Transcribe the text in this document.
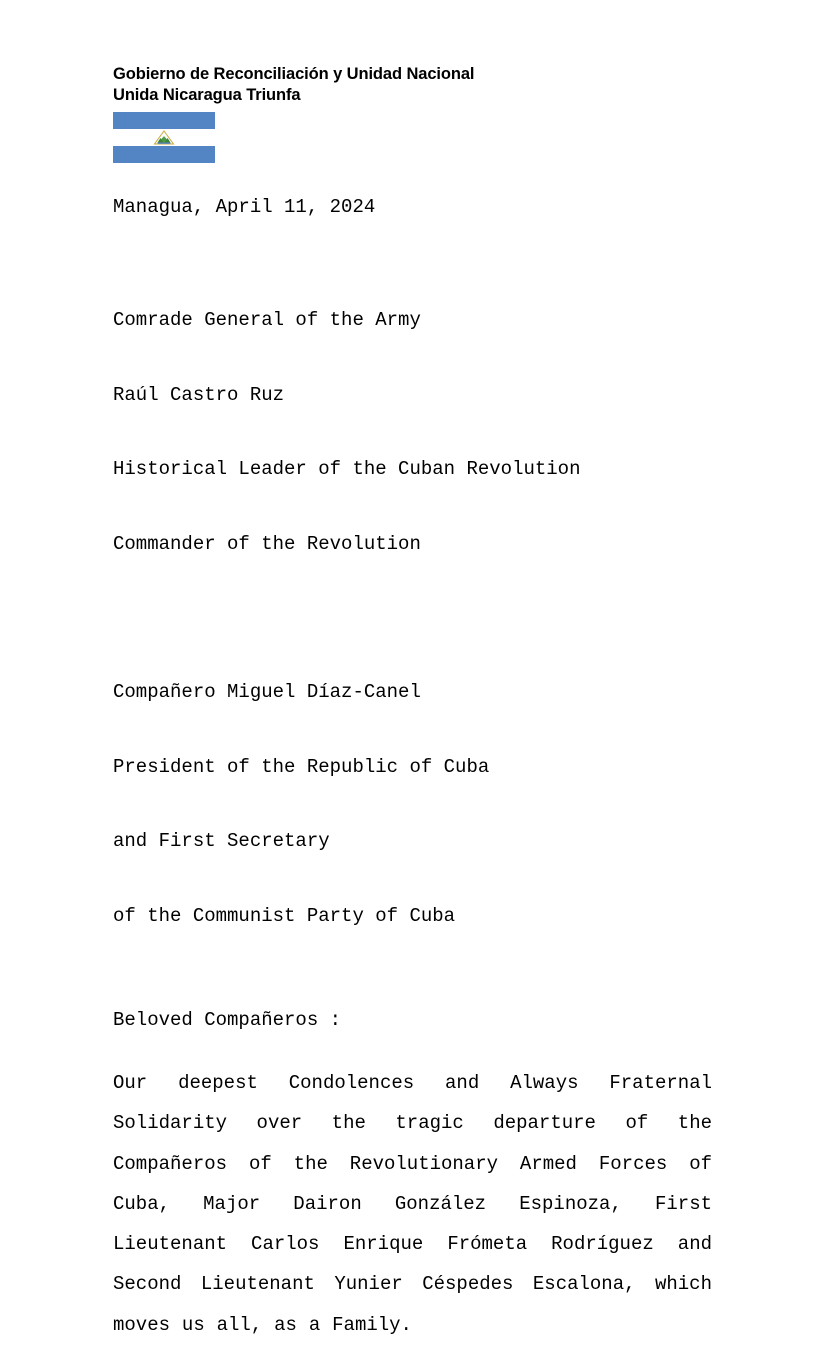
Gobierno de Reconciliación y Unidad Nacional
Unida Nicaragua Triunfa
Managua, April 11, 2024

Comrade General of the Army

Raúl Castro Ruz

Historical Leader of the Cuban Revolution

Commander of the Revolution

Compañero Miguel Díaz-Canel

President of the Republic of Cuba

and First Secretary

of the Communist Party of Cuba

Beloved Compañeros :
Our deepest Condolences and Always Fraternal Solidarity over the tragic departure of the Compañeros of the Revolutionary Armed Forces of Cuba, Major Dairon González Espinoza, First Lieutenant Carlos Enrique Frómeta Rodríguez and Second Lieutenant Yunier Céspedes Escalona, which moves us all, as a Family.
